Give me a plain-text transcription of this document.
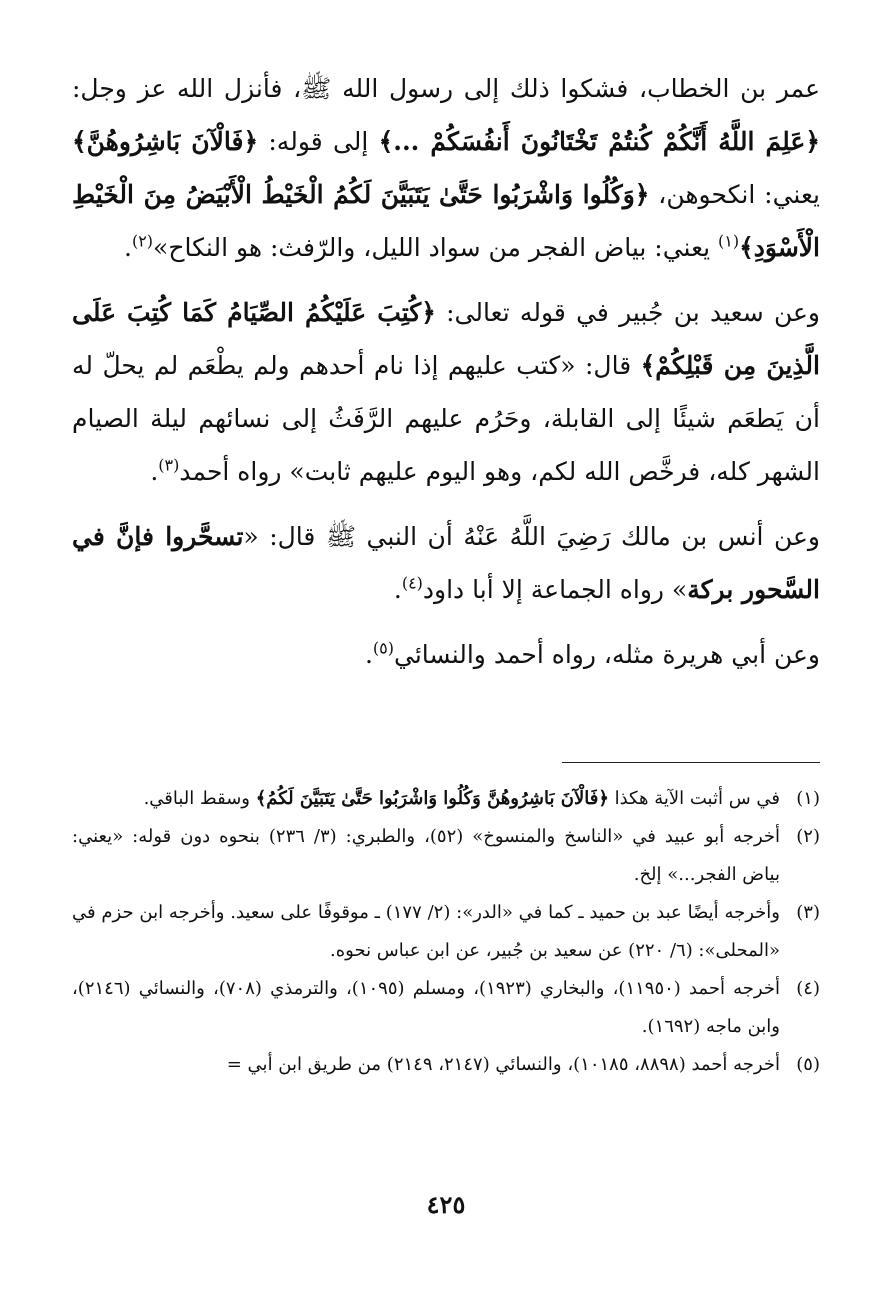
عمر بن الخطاب، فشكوا ذلك إلى رسول الله ﷺ، فأنزل الله عز وجل: ﴿عَلِمَ اللَّهُ أَنَّكُمْ كُنتُمْ تَخْتَانُونَ أَنفُسَكُمْ ...﴾ إلى قوله: ﴿فَالْآنَ بَاشِرُوهُنَّ﴾ يعني: انكحوهن، ﴿وَكُلُوا وَاشْرَبُوا حَتَّىٰ يَتَبَيَّنَ لَكُمُ الْخَيْطُ الْأَبْيَضُ مِنَ الْخَيْطِ الْأَسْوَدِ﴾$^{(١)}$ يعني: بياض الفجر من سواد الليل، والرّفث: هو النكاح»$^{(٢)}$.

وعن سعيد بن جُبير في قوله تعالى: ﴿كُتِبَ عَلَيْكُمُ الصِّيَامُ كَمَا كُتِبَ عَلَى الَّذِينَ مِن قَبْلِكُمْ﴾ قال: «كتب عليهم إذا نام أحدهم ولم يطْعَم لم يحلّ له أن يَطعَم شيئًا إلى القابلة، وحَرُم عليهم الرَّفَثُ إلى نسائهم ليلة الصيام الشهر كله، فرخَّص الله لكم، وهو اليوم عليهم ثابت» رواه أحمد$^{(٣)}$.

وعن أنس بن مالك رَضِيَ اللَّهُ عَنْهُ أن النبي ﷺ قال: «تسحَّروا فإنَّ في السَّحور بركة» رواه الجماعة إلا أبا داود$^{(٤)}$.

وعن أبي هريرة مثله، رواه أحمد والنسائي$^{(٥)}$.

(١)
في س أثبت الآية هكذا ﴿فَالْآنَ بَاشِرُوهُنَّ وَكُلُوا وَاشْرَبُوا حَتَّىٰ يَتَبَيَّنَ لَكُمُ﴾ وسقط الباقي.
(٢)
أخرجه أبو عبيد في «الناسخ والمنسوخ» (٥٢)، والطبري: (٣/ ٢٣٦) بنحوه دون قوله: «يعني: بياض الفجر...» إلخ.
(٣)
وأخرجه أيضًا عبد بن حميد ـ كما في «الدر»: (٢/ ١٧٧) ـ موقوفًا على سعيد. وأخرجه ابن حزم في «المحلى»: (٦/ ٢٢٠) عن سعيد بن جُبير، عن ابن عباس نحوه.
(٤)
أخرجه أحمد (١١٩٥٠)، والبخاري (١٩٢٣)، ومسلم (١٠٩٥)، والترمذي (٧٠٨)، والنسائي (٢١٤٦)، وابن ماجه (١٦٩٢).
(٥)
أخرجه أحمد (٨٨٩٨، ١٠١٨٥)، والنسائي (٢١٤٧، ٢١٤٩) من طريق ابن أبي =
٤٢٥
